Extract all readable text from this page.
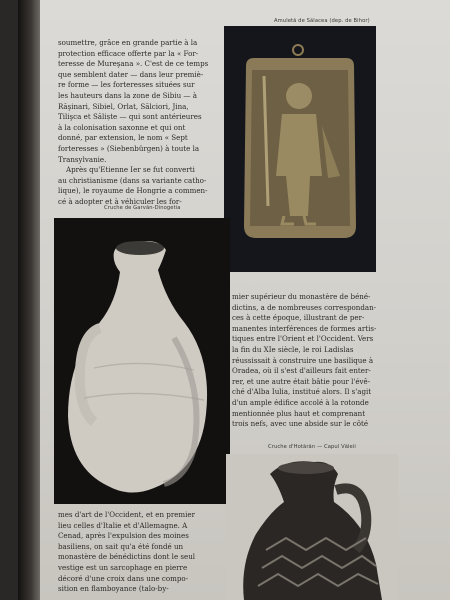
Amuletă de Sălacea (dep. de Bihor)
soumettre, grâce en grande partie à la
protection efficace offerte par la « For-
teresse de Mureşana ». C'est de ce temps
que semblent dater — dans leur premiè-
re forme — les forteresses situées sur
les hauteurs dans la zone de Sibiu — à
Răşinari, Sibiel, Orlat, Sălciori, Jina,
Tilişca et Săliște — qui sont antérieures
à la colonisation saxonne et qui ont
donné, par extension, le nom « Sept
forteresses » (Siebenbürgen) à toute la
Transylvanie.
Après qu'Etienne Ier se fut converti
au christianisme (dans sa variante catho-
lique), le royaume de Hongrie a commen-
cé à adopter et à véhiculer les for-
Cruche de Garvăn-Dinogetia
mier supérieur du monastère de béné-
dictins, a de nombreuses correspondan-
ces à cette époque, illustrant de per-
manentes interférences de formes artis-
tiques entre l'Orient et l'Occident. Vers
la fin du XIe siècle, le roi Ladislas
réussissait à construire une basilique à
Oradea, où il s'est d'ailleurs fait enter-
rer, et une autre était bâtie pour l'évê-
ché d'Alba Iulia, institué alors. Il s'agit
d'un ample édifice accolé à la rotonde
mentionnée plus haut et comprenant
trois nefs, avec une abside sur le côté
Cruche d'Hotărăn — Capul Văleii
mes d'art de l'Occident, et en premier
lieu celles d'Italie et d'Allemagne. A
Cenad, après l'expulsion des moines
basiliens, on sait qu'a été fondé un
monastère de bénédictins dont le seul
vestige est un sarcophage en pierre
décoré d'une croix dans une compo-
sition en flamboyance (talo-by-
